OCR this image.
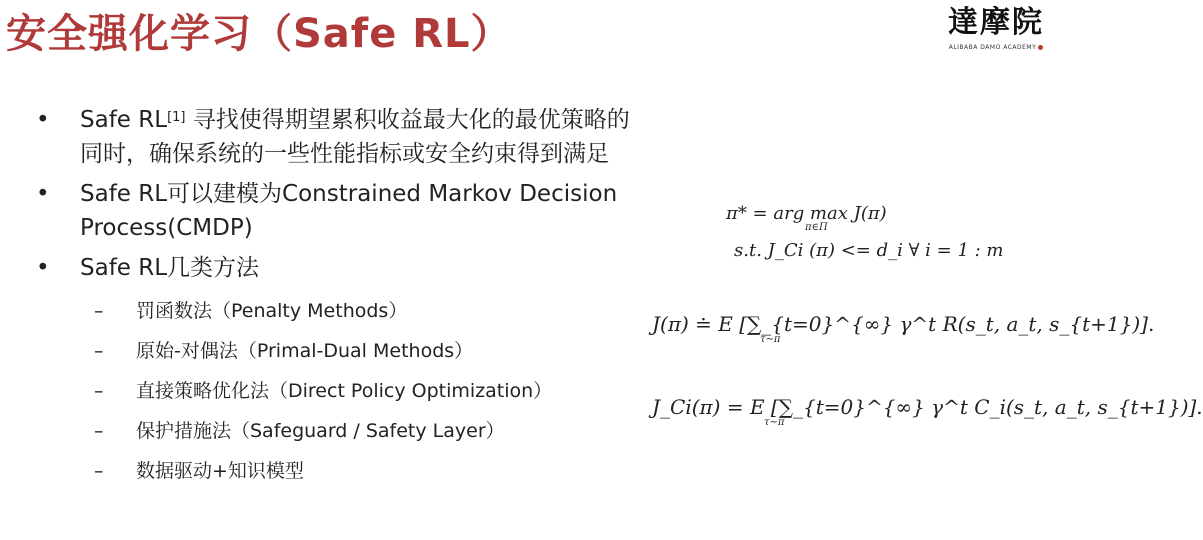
安全强化学习（Safe RL）	達摩院
ALIBABA DAMO ACADEMY
• Safe RL[1] 寻找使得期望累积收益最大化的最优策略的同时，确保系统的一些性能指标或安全约束得到满足
• Safe RL可以建模为Constrained Markov Decision Process(CMDP)
• Safe RL几类方法
– 罚函数法（Penalty Methods）
– 原始-对偶法（Primal-Dual Methods）
– 直接策略优化法（Direct Policy Optimization）
– 保护措施法（Safeguard / Safety Layer）
– 数据驱动+知识模型
π* = arg max J(π)
π∈Π
s.t. J_Ci (π) <= d_i ∀ i = 1 : m
J(π) ≐ E [∑_{t=0}^{∞} γ^t R(s_t, a_t, s_{t+1})].
τ∼π
J_Ci(π) = E [∑_{t=0}^{∞} γ^t C_i(s_t, a_t, s_{t+1})].
τ∼π
